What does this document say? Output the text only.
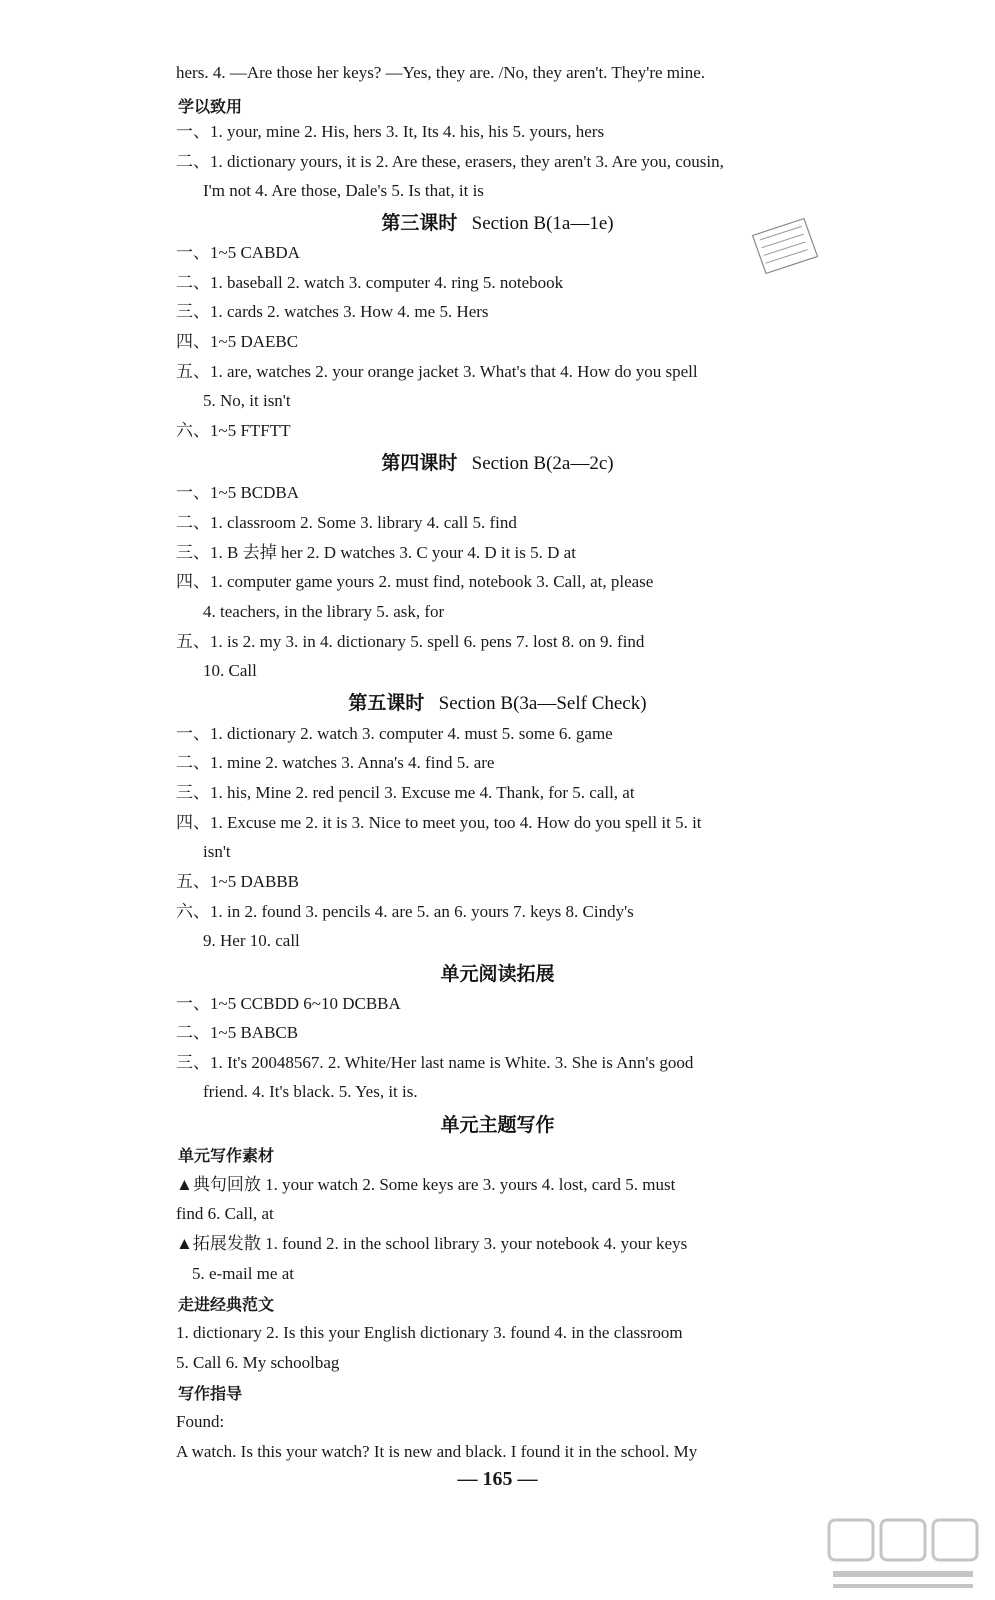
hers. 4. —Are those her keys? —Yes, they are. /No, they aren't. They're mine.
学以致用
一、1. your, mine 2. His, hers 3. It, Its 4. his, his 5. yours, hers
二、1. dictionary yours, it is 2. Are these, erasers, they aren't 3. Are you, cousin,
I'm not 4. Are those, Dale's 5. Is that, it is
第三课时 Section B(1a—1e)
一、1~5 CABDA
二、1. baseball 2. watch 3. computer 4. ring 5. notebook
三、1. cards 2. watches 3. How 4. me 5. Hers
四、1~5 DAEBC
五、1. are, watches 2. your orange jacket 3. What's that 4. How do you spell
5. No, it isn't
六、1~5 FTFTT
第四课时 Section B(2a—2c)
一、1~5 BCDBA
二、1. classroom 2. Some 3. library 4. call 5. find
三、1. B 去掉 her 2. D watches 3. C your 4. D it is 5. D at
四、1. computer game yours 2. must find, notebook 3. Call, at, please
4. teachers, in the library 5. ask, for
五、1. is 2. my 3. in 4. dictionary 5. spell 6. pens 7. lost 8. on 9. find
10. Call
第五课时 Section B(3a—Self Check)
一、1. dictionary 2. watch 3. computer 4. must 5. some 6. game
二、1. mine 2. watches 3. Anna's 4. find 5. are
三、1. his, Mine 2. red pencil 3. Excuse me 4. Thank, for 5. call, at
四、1. Excuse me 2. it is 3. Nice to meet you, too 4. How do you spell it 5. it
isn't
五、1~5 DABBB
六、1. in 2. found 3. pencils 4. are 5. an 6. yours 7. keys 8. Cindy's
9. Her 10. call
单元阅读拓展
一、1~5 CCBDD 6~10 DCBBA
二、1~5 BABCB
三、1. It's 20048567. 2. White/Her last name is White. 3. She is Ann's good
friend. 4. It's black. 5. Yes, it is.
单元主题写作
单元写作素材
▲典句回放 1. your watch 2. Some keys are 3. yours 4. lost, card 5. must
find 6. Call, at
▲拓展发散 1. found 2. in the school library 3. your notebook 4. your keys
5. e-mail me at
走进经典范文
1. dictionary 2. Is this your English dictionary 3. found 4. in the classroom
5. Call 6. My schoolbag
写作指导
Found:
A watch. Is this your watch? It is new and black. I found it in the school. My
— 165 —
